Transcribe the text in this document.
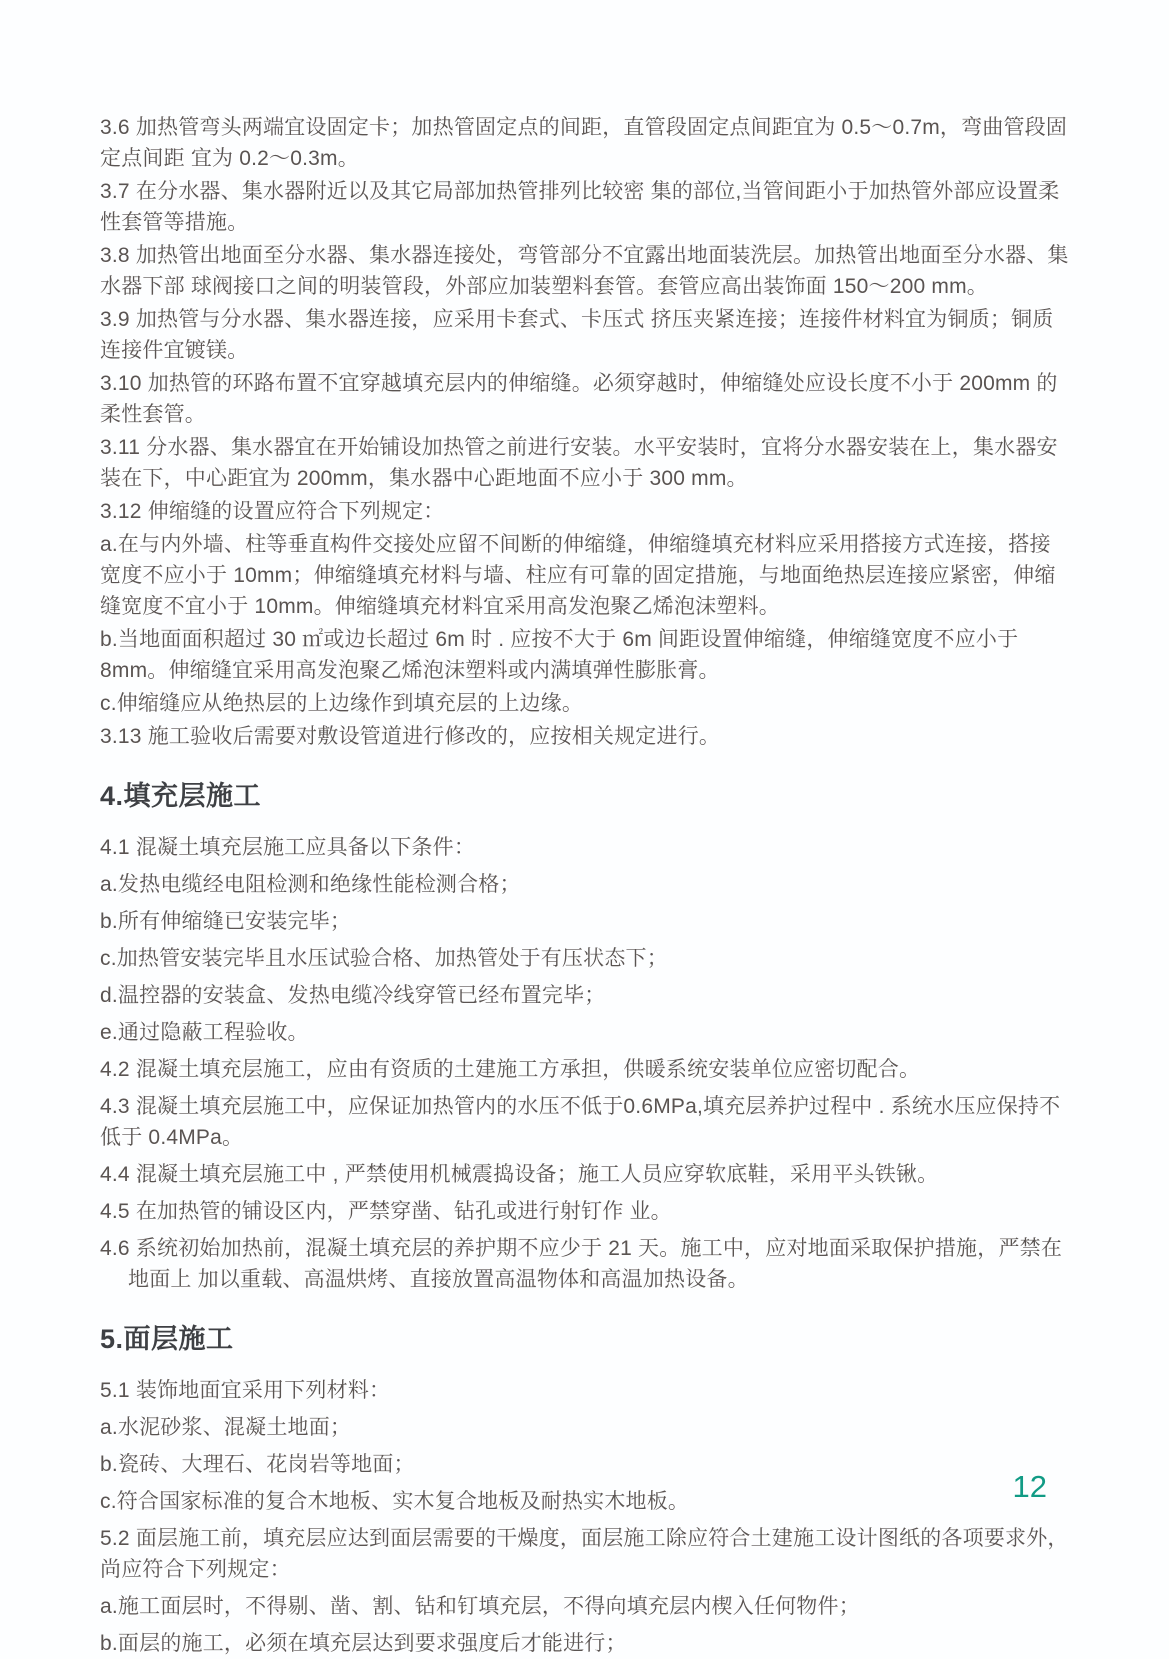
3.6 加热管弯头两端宜设固定卡；加热管固定点的间距，直管段固定点间距宜为 0.5～0.7m，弯曲管段固定点间距 宜为 0.2～0.3m。

3.7 在分水器、集水器附近以及其它局部加热管排列比较密 集的部位,当管间距小于加热管外部应设置柔性套管等措施。

3.8 加热管出地面至分水器、集水器连接处，弯管部分不宜露出地面装洗层。加热管出地面至分水器、集水器下部 球阀接口之间的明装管段，外部应加装塑料套管。套管应高出装饰面 150～200 mm。

3.9 加热管与分水器、集水器连接，应采用卡套式、卡压式 挤压夹紧连接；连接件材料宜为铜质；铜质连接件宜镀镁。

3.10 加热管的环路布置不宜穿越填充层内的伸缩缝。必须穿越时，伸缩缝处应设长度不小于 200mm 的柔性套管。

3.11 分水器、集水器宜在开始铺设加热管之前进行安装。水平安装时，宜将分水器安装在上，集水器安装在下，中心距宜为 200mm，集水器中心距地面不应小于 300 mm。

3.12 伸缩缝的设置应符合下列规定：

a.在与内外墙、柱等垂直构件交接处应留不间断的伸缩缝，伸缩缝填充材料应采用搭接方式连接，搭接宽度不应小于 10mm；伸缩缝填充材料与墙、柱应有可靠的固定措施，与地面绝热层连接应紧密，伸缩缝宽度不宜小于 10mm。伸缩缝填充材料宜采用高发泡聚乙烯泡沫塑料。

b.当地面面积超过 30 ㎡或边长超过 6m 时 . 应按不大于 6m 间距设置伸缩缝，伸缩缝宽度不应小于 8mm。伸缩缝宜采用高发泡聚乙烯泡沫塑料或内满填弹性膨胀膏。

c.伸缩缝应从绝热层的上边缘作到填充层的上边缘。

3.13 施工验收后需要对敷设管道进行修改的，应按相关规定进行。

4.填充层施工

4.1 混凝土填充层施工应具备以下条件：

a.发热电缆经电阻检测和绝缘性能检测合格；

b.所有伸缩缝已安装完毕；

c.加热管安装完毕且水压试验合格、加热管处于有压状态下；

d.温控器的安装盒、发热电缆冷线穿管已经布置完毕；

e.通过隐蔽工程验收。

4.2 混凝土填充层施工，应由有资质的土建施工方承担，供暖系统安装单位应密切配合。

4.3 混凝土填充层施工中，应保证加热管内的水压不低于0.6MPa,填充层养护过程中 . 系统水压应保持不低于 0.4MPa。

4.4 混凝土填充层施工中 , 严禁使用机械震捣设备；施工人员应穿软底鞋，采用平头铁锹。

4.5 在加热管的铺设区内，严禁穿凿、钻孔或进行射钉作 业。

4.6 系统初始加热前，混凝土填充层的养护期不应少于 21 天。施工中，应对地面采取保护措施，严禁在地面上 加以重载、高温烘烤、直接放置高温物体和高温加热设备。

5.面层施工

5.1 装饰地面宜采用下列材料：

a.水泥砂浆、混凝土地面；

b.瓷砖、大理石、花岗岩等地面；

c.符合国家标准的复合木地板、实木复合地板及耐热实木地板。

5.2 面层施工前，填充层应达到面层需要的干燥度，面层施工除应符合土建施工设计图纸的各项要求外，尚应符合下列规定：

a.施工面层时，不得剔、凿、割、钻和钉填充层，不得向填充层内楔入任何物件；

b.面层的施工，必须在填充层达到要求强度后才能进行；

12
